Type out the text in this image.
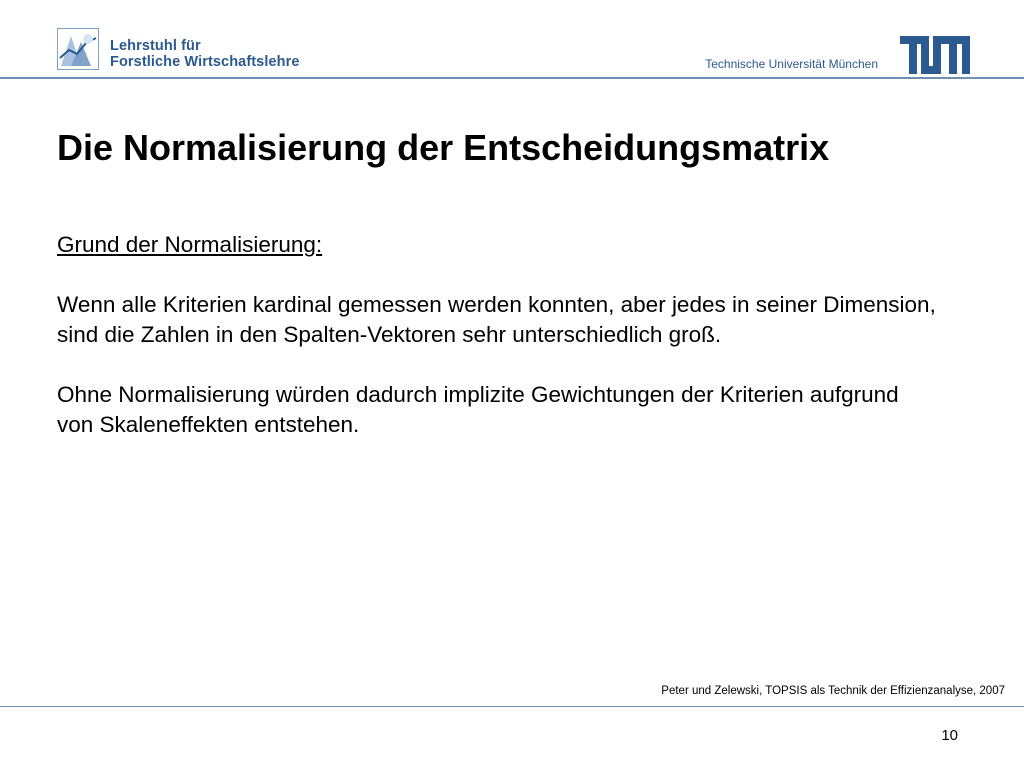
Lehrstuhl für
Forstliche Wirtschaftslehre	Technische Universität München
Die Normalisierung der Entscheidungsmatrix

Grund der Normalisierung:

Wenn alle Kriterien kardinal gemessen werden konnten, aber jedes in seiner Dimension, sind die Zahlen in den Spalten-Vektoren sehr unterschiedlich groß.

Ohne Normalisierung würden dadurch implizite Gewichtungen der Kriterien aufgrund von Skaleneffekten entstehen.

Peter und Zelewski, TOPSIS als Technik der Effizienzanalyse, 2007
10
